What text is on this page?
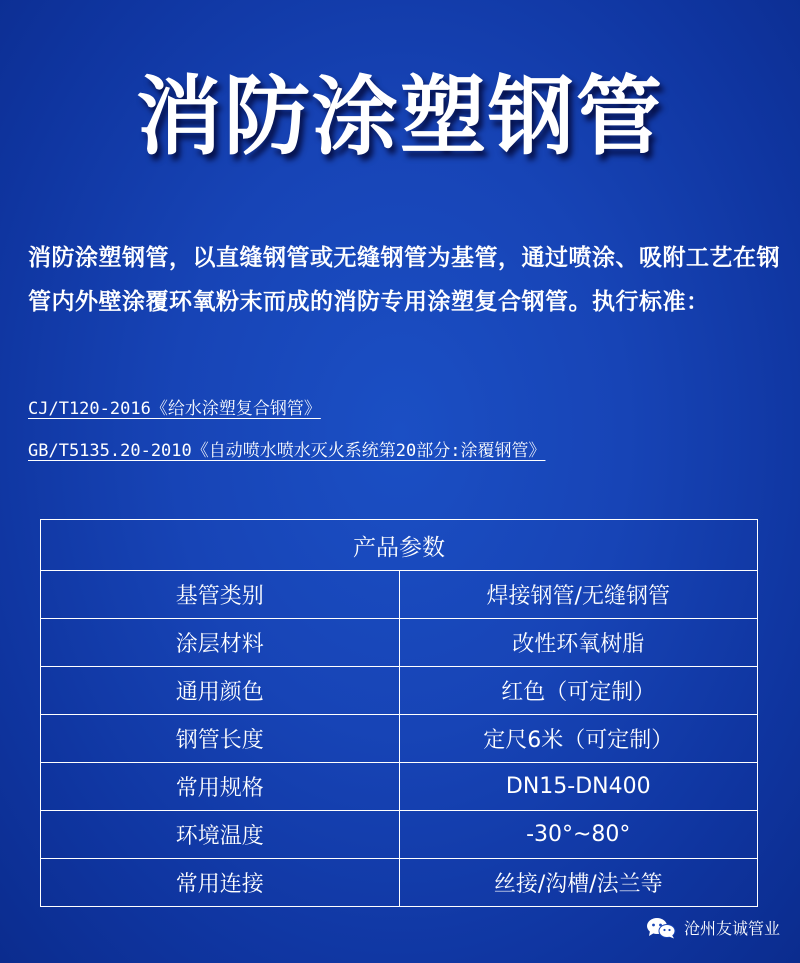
消防涂塑钢管
消防涂塑钢管，以直缝钢管或无缝钢管为基管，通过喷涂、吸附工艺在钢管内外壁涂覆环氧粉末而成的消防专用涂塑复合钢管。执行标准：
CJ/T120-2016《给水涂塑复合钢管》
GB/T5135.20-2010《自动喷水喷水灭火系统第20部分:涂覆钢管》
产品参数	
基管类别	焊接钢管/无缝钢管
涂层材料	改性环氧树脂
通用颜色	红色（可定制）
钢管长度	定尺6米（可定制）
常用规格	DN15-DN400
环境温度	-30°~80°
常用连接	丝接/沟槽/法兰等
沧州友诚管业
